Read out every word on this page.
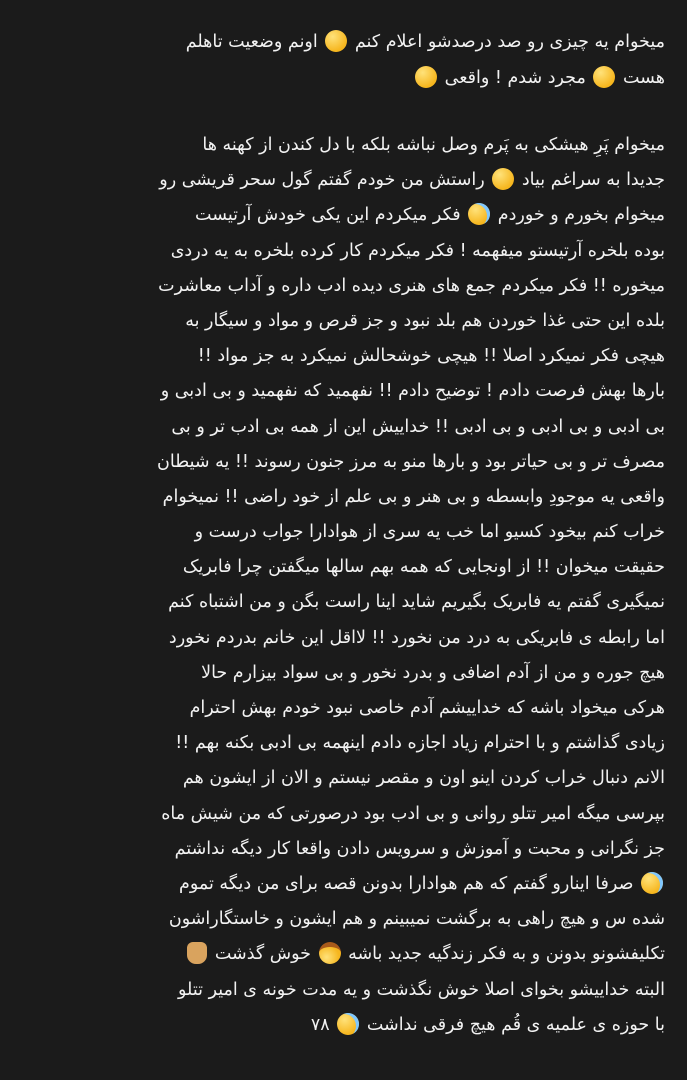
میخوام یه چیزی رو صد درصدشو اعلام کنم  اونم وضعیت تاهلم
هست  مجرد شدم ! واقعی
میخوام پَرِ هیشکی به پَرم وصل نباشه بلکه با دل کندن از کهنه ها
جدیدا به سراغم بیاد  راستش من خودم گفتم گول سحر قریشی رو
میخوام بخورم و خوردم  فکر میکردم این یکی خودش آرتیست
بوده بلخره آرتیستو میفهمه ! فکر میکردم کار کرده بلخره به یه دردی
میخوره !! فکر میکردم جمع های هنری دیده ادب داره و آداب معاشرت
بلده این حتی غذا خوردن هم بلد نبود و جز قرص و مواد و سیگار به
هیچی فکر نمیکرد اصلا !! هیچی خوشحالش نمیکرد به جز مواد !!
بارها بهش فرصت دادم ! توضیح دادم !! نفهمید که نفهمید و بی ادبی و
بی ادبی و بی ادبی و بی ادبی !! خداییش این از همه بی ادب تر و بی
مصرف تر و بی حیاتر بود و بارها منو به مرز جنون رسوند !! یه شیطان
واقعی یه موجودِ وابسطه و بی هنر و بی علم از خود راضی !! نمیخوام
خراب کنم بیخود کسیو اما خب یه سری از هوادارا جواب درست و
حقیقت میخوان !! از اونجایی که همه بهم سالها میگفتن چرا فابریک
نمیگیری گفتم یه فابریک بگیریم شاید اینا راست بگن و من اشتباه کنم
اما رابطه ی فابریکی به درد من نخورد !! لااقل این خانم بدردم نخورد
هیچ جوره و من از آدم اضافی و بدرد نخور و بی سواد بیزارم حالا
هرکی میخواد باشه که خداییشم آدم خاصی نبود خودم بهش احترام
زیادی گذاشتم و با احترام زیاد اجازه دادم اینهمه بی ادبی بکنه بهم !!
الانم دنبال خراب کردن اینو اون و مقصر نیستم و الان از ایشون هم
بپرسی میگه امیر تتلو روانی و بی ادب بود درصورتی که من شیش ماه
جز نگرانی و محبت و آموزش و سرویس دادن واقعا کار دیگه نداشتم
صرفا اینارو گفتم که هم هوادارا بدونن قصه برای من دیگه تموم
شده س و هیچ راهی به برگشت نمیبینم و هم ایشون و خاستگاراشون
تکلیفشونو بدونن و به فکر زندگیه جدید باشه  خوش گذشت
البته خداییشو بخوای اصلا خوش نگذشت و یه مدت خونه ی امیر تتلو
با حوزه ی علمیه ی قُم هیچ فرقی نداشت  ۷۸
